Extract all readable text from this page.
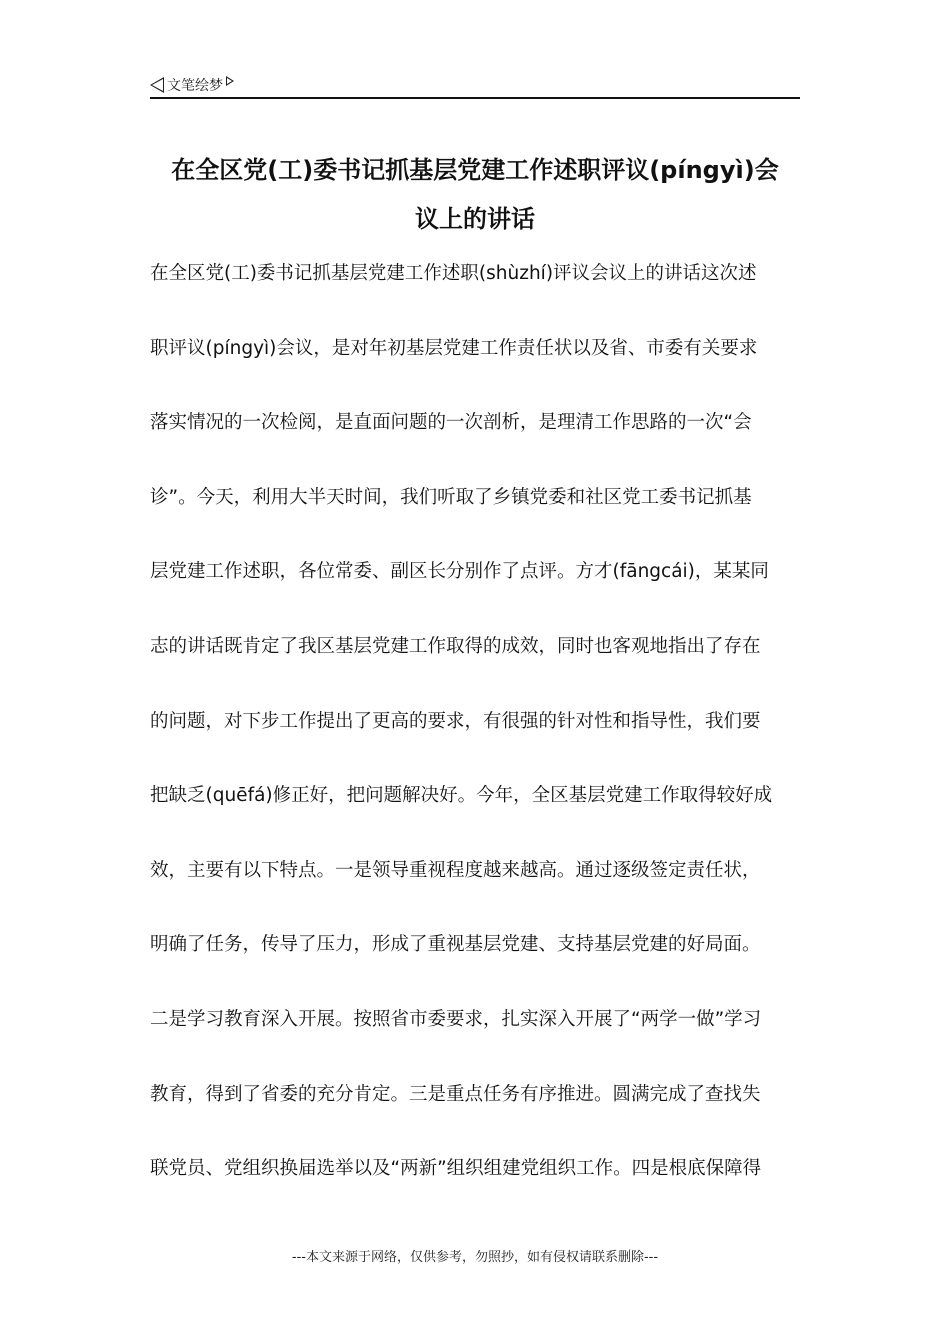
文笔绘梦
在全区党(工)委书记抓基层党建工作述职评议(píngyì)会
议上的讲话
在全区党(工)委书记抓基层党建工作述职(shùzhí)评议会议上的讲话这次述
职评议(píngyì)会议，是对年初基层党建工作责任状以及省、市委有关要求
落实情况的一次检阅，是直面问题的一次剖析，是理清工作思路的一次“会
诊”。今天，利用大半天时间，我们听取了乡镇党委和社区党工委书记抓基
层党建工作述职，各位常委、副区长分别作了点评。方才(fāngcái)，某某同
志的讲话既肯定了我区基层党建工作取得的成效，同时也客观地指出了存在
的问题，对下步工作提出了更高的要求，有很强的针对性和指导性，我们要
把缺乏(quēfá)修正好，把问题解决好。今年，全区基层党建工作取得较好成
效，主要有以下特点。一是领导重视程度越来越高。通过逐级签定责任状，
明确了任务，传导了压力，形成了重视基层党建、支持基层党建的好局面。
二是学习教育深入开展。按照省市委要求，扎实深入开展了“两学一做”学习
教育，得到了省委的充分肯定。三是重点任务有序推进。圆满完成了查找失
联党员、党组织换届选举以及“两新”组织组建党组织工作。四是根底保障得
---本文来源于网络，仅供参考，勿照抄，如有侵权请联系删除---
